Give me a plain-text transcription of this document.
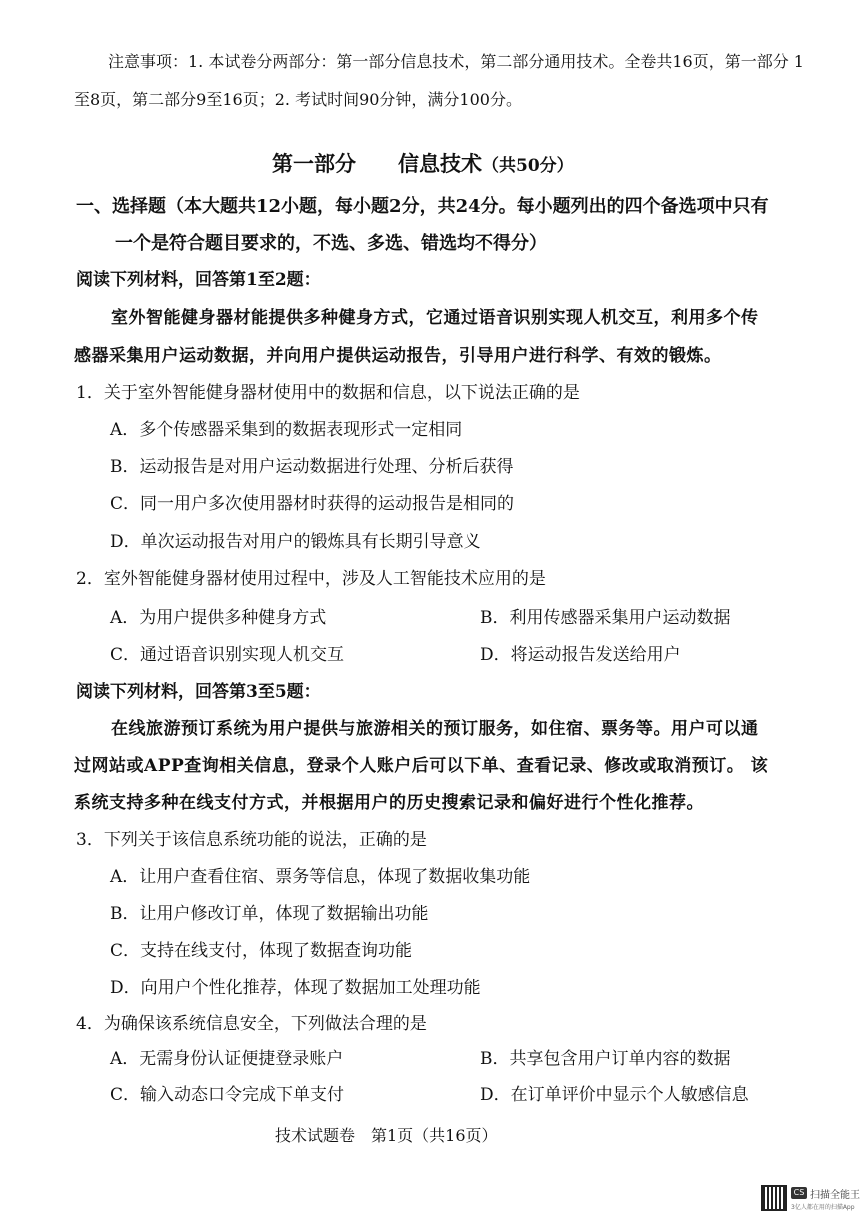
注意事项：1. 本试卷分两部分：第一部分信息技术，第二部分通用技术。全卷共16页，第一部分 1
至8页，第二部分9至16页；2. 考试时间90分钟，满分100分。
第一部分　　信息技术（共50分）
一、选择题（本大题共12小题，每小题2分，共24分。每小题列出的四个备选项中只有
一个是符合题目要求的，不选、多选、错选均不得分）
阅读下列材料，回答第1至2题：
室外智能健身器材能提供多种健身方式，它通过语音识别实现人机交互，利用多个传
感器采集用户运动数据，并向用户提供运动报告，引导用户进行科学、有效的锻炼。
1．关于室外智能健身器材使用中的数据和信息，以下说法正确的是
A．多个传感器采集到的数据表现形式一定相同
B．运动报告是对用户运动数据进行处理、分析后获得
C．同一用户多次使用器材时获得的运动报告是相同的
D．单次运动报告对用户的锻炼具有长期引导意义
2．室外智能健身器材使用过程中，涉及人工智能技术应用的是
A．为用户提供多种健身方式	B．利用传感器采集用户运动数据
C．通过语音识别实现人机交互	D．将运动报告发送给用户
阅读下列材料，回答第3至5题：
在线旅游预订系统为用户提供与旅游相关的预订服务，如住宿、票务等。用户可以通
过网站或APP查询相关信息，登录个人账户后可以下单、查看记录、修改或取消预订。 该
系统支持多种在线支付方式，并根据用户的历史搜索记录和偏好进行个性化推荐。
3．下列关于该信息系统功能的说法，正确的是
A．让用户查看住宿、票务等信息，体现了数据收集功能
B．让用户修改订单，体现了数据输出功能
C．支持在线支付，体现了数据查询功能
D．向用户个性化推荐，体现了数据加工处理功能
4．为确保该系统信息安全，下列做法合理的是
A．无需身份认证便捷登录账户	B．共享包含用户订单内容的数据
C．输入动态口令完成下单支付	D．在订单评价中显示个人敏感信息
技术试题卷　第1页（共16页）
CS 扫描全能王
3亿人都在用的扫描App
